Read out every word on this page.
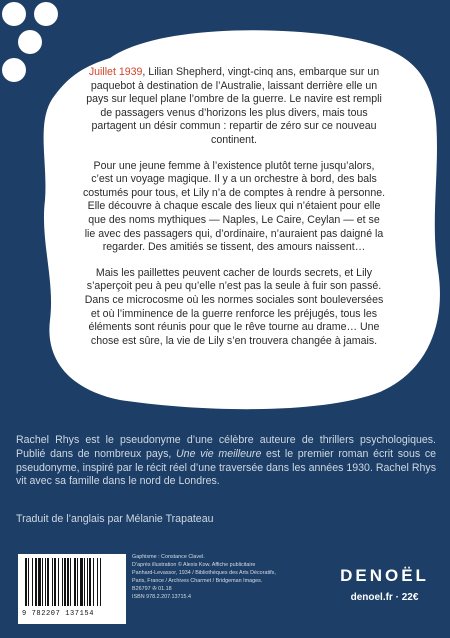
Juillet 1939, Lilian Shepherd, vingt-cinq ans, embarque sur un paquebot à destination de l’Australie, laissant derrière elle un pays sur lequel plane l’ombre de la guerre. Le navire est rempli de passagers venus d’horizons les plus divers, mais tous partagent un désir commun : repartir de zéro sur ce nouveau continent.

Pour une jeune femme à l’existence plutôt terne jusqu’alors, c’est un voyage magique. Il y a un orchestre à bord, des bals costumés pour tous, et Lily n’a de comptes à rendre à personne. Elle découvre à chaque escale des lieux qui n’étaient pour elle que des noms mythiques — Naples, Le Caire, Ceylan — et se lie avec des passagers qui, d’ordinaire, n’auraient pas daigné la regarder. Des amitiés se tissent, des amours naissent…

Mais les paillettes peuvent cacher de lourds secrets, et Lily s’aperçoit peu à peu qu’elle n’est pas la seule à fuir son passé. Dans ce microcosme où les normes sociales sont bouleversées et où l’imminence de la guerre renforce les préjugés, tous les éléments sont réunis pour que le rêve tourne au drame… Une chose est sûre, la vie de Lily s’en trouvera changée à jamais.

Rachel Rhys est le pseudonyme d’une célèbre auteure de thrillers psychologiques. Publié dans de nombreux pays, Une vie meilleure est le premier roman écrit sous ce pseudonyme, inspiré par le récit réel d’une traversée dans les années 1930. Rachel Rhys vit avec sa famille dans le nord de Londres.

Traduit de l’anglais par Mélanie Trapateau
9 782207 137154
Gaphisme : Constance Clavel.
D’après illustration © Alexis Kow. Affiche publicitaire
Panhard-Levassor, 1934 / Bibliothèques des Arts Décoratifs,
Paris, France / Archives Charmet / Bridgeman Images.
B26797 ✇ 01.18
ISBN 978.2.207.13715.4
DENOËL
denoel.fr · 22€
